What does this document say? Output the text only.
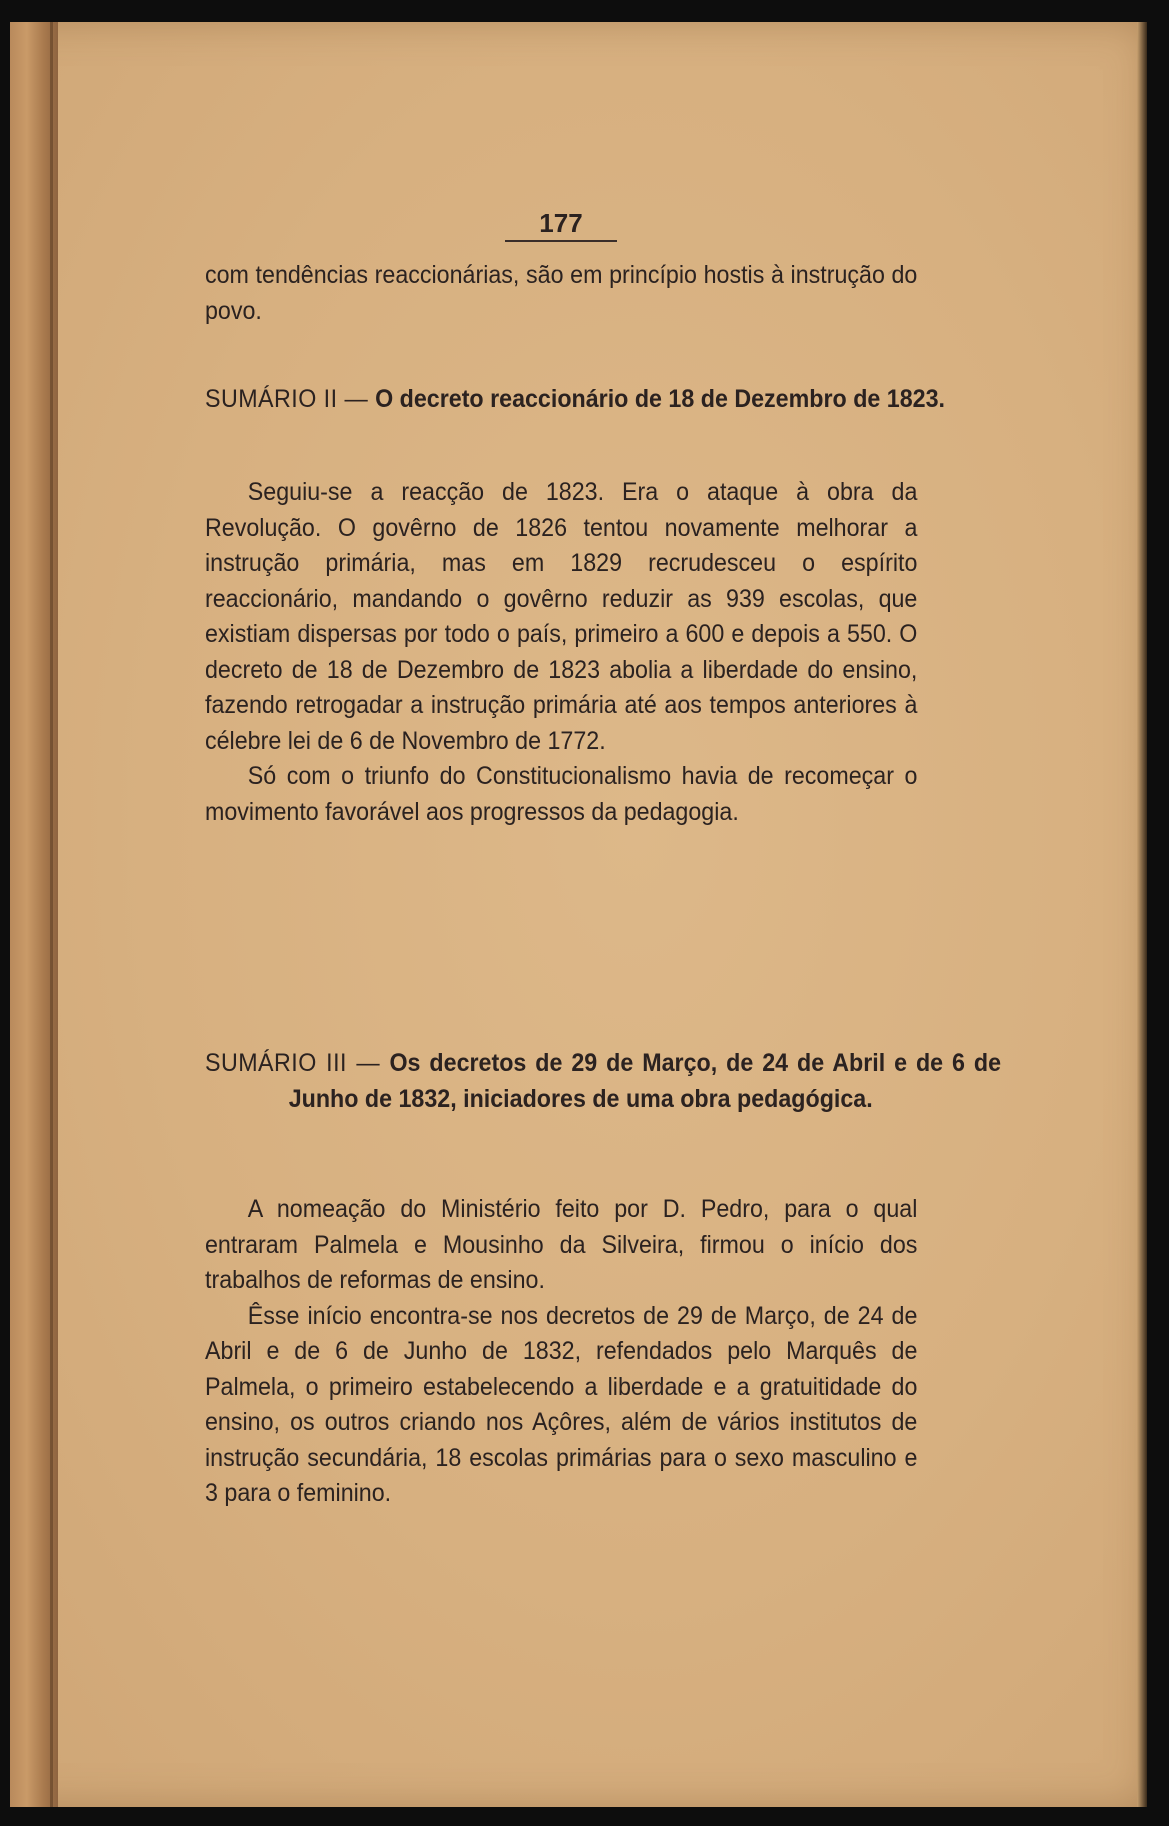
177

com tendências reaccionárias, são em princípio hostis à instrução do povo.

SUMÁRIO II — O decreto reaccionário de 18 de Dezembro de 1823.

Seguiu-se a reacção de 1823. Era o ataque à obra da Revolução. O govêrno de 1826 tentou novamente melhorar a instrução primária, mas em 1829 recrudesceu o espírito reaccionário, mandando o govêrno reduzir as 939 escolas, que existiam dispersas por todo o país, primeiro a 600 e depois a 550. O decreto de 18 de Dezembro de 1823 abolia a liberdade do ensino, fazendo retrogadar a instrução primária até aos tempos anteriores à célebre lei de 6 de Novembro de 1772.

Só com o triunfo do Constitucionalismo havia de recomeçar o movimento favorável aos progressos da pedagogia.

SUMÁRIO III — Os decretos de 29 de Março, de 24 de Abril e de 6 de Junho de 1832, iniciadores de uma obra pedagógica.

A nomeação do Ministério feito por D. Pedro, para o qual entraram Palmela e Mousinho da Silveira, firmou o início dos trabalhos de reformas de ensino.

Êsse início encontra-se nos decretos de 29 de Março, de 24 de Abril e de 6 de Junho de 1832, refendados pelo Marquês de Palmela, o primeiro estabelecendo a liberdade e a gratuitidade do ensino, os outros criando nos Açôres, além de vários institutos de instrução secundária, 18 escolas primárias para o sexo masculino e 3 para o feminino.
